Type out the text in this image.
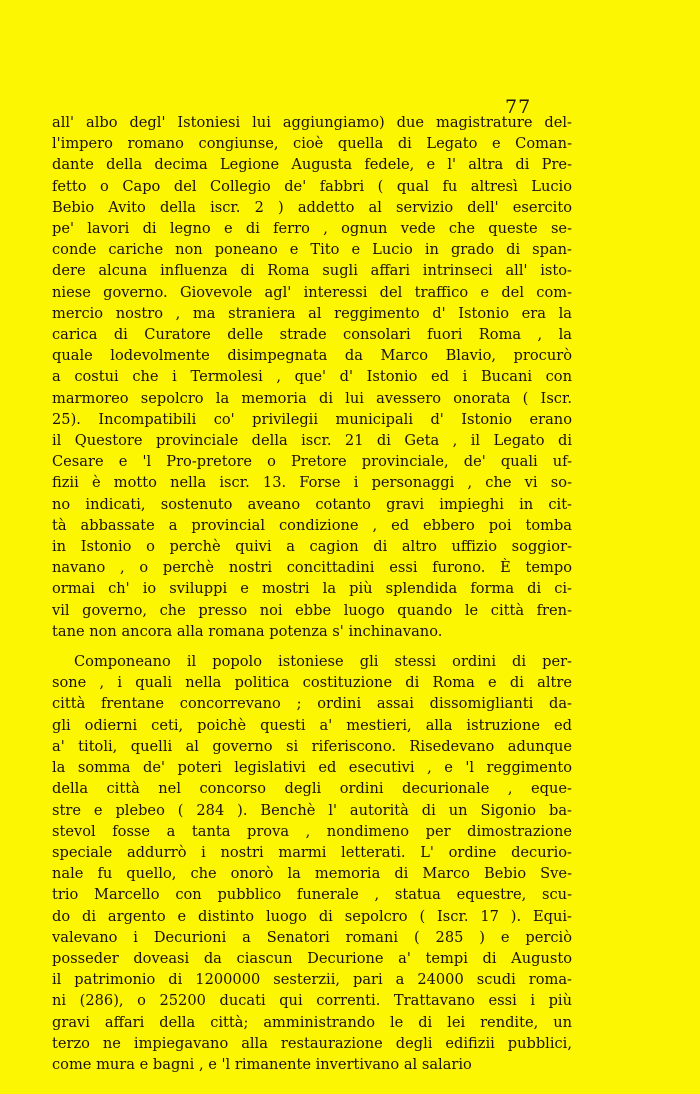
77
all' albo degl' Istoniesi lui aggiungiamo) due magistrature del-
l'impero romano congiunse, cioè quella di Legato e Coman-
dante della decima Legione Augusta fedele, e l' altra di Pre-
fetto o Capo del Collegio de' fabbri ( qual fu altresì Lucio
Bebio Avito della iscr. 2 ) addetto al servizio dell' esercito
pe' lavori di legno e di ferro , ognun vede che queste se-
conde cariche non poneano e Tito e Lucio in grado di span-
dere alcuna influenza di Roma sugli affari intrinseci all' isto-
niese governo. Giovevole agl' interessi del traffico e del com-
mercio nostro , ma straniera al reggimento d' Istonio era la
carica di Curatore delle strade consolari fuori Roma , la
quale lodevolmente disimpegnata da Marco Blavio, procurò
a costui che i Termolesi , que' d' Istonio ed i Bucani con
marmoreo sepolcro la memoria di lui avessero onorata ( Iscr.
25). Incompatibili co' privilegii municipali d' Istonio erano
il Questore provinciale della iscr. 21 di Geta , il Legato di
Cesare e 'l Pro-pretore o Pretore provinciale, de' quali uf-
fizii è motto nella iscr. 13. Forse i personaggi , che vi so-
no indicati, sostenuto aveano cotanto gravi impieghi in cit-
tà abbassate a provincial condizione , ed ebbero poi tomba
in Istonio o perchè quivi a cagion di altro uffizio soggior-
navano , o perchè nostri concittadini essi furono. È tempo
ormai ch' io sviluppi e mostri la più splendida forma di ci-
vil governo, che presso noi ebbe luogo quando le città fren-
tane non ancora alla romana potenza s' inchinavano.
Componeano il popolo istoniese gli stessi ordini di per-
sone , i quali nella politica costituzione di Roma e di altre
città frentane concorrevano ; ordini assai dissomiglianti da-
gli odierni ceti, poichè questi a' mestieri, alla istruzione ed
a' titoli, quelli al governo si riferiscono. Risedevano adunque
la somma de' poteri legislativi ed esecutivi , e 'l reggimento
della città nel concorso degli ordini decurionale , eque-
stre e plebeo ( 284 ). Benchè l' autorità di un Sigonio ba-
stevol fosse a tanta prova , nondimeno per dimostrazione
speciale addurrò i nostri marmi letterati. L' ordine decurio-
nale fu quello, che onorò la memoria di Marco Bebio Sve-
trio Marcello con pubblico funerale , statua equestre, scu-
do di argento e distinto luogo di sepolcro ( Iscr. 17 ). Equi-
valevano i Decurioni a Senatori romani ( 285 ) e perciò
posseder doveasi da ciascun Decurione a' tempi di Augusto
il patrimonio di 1200000 sesterzii, pari a 24000 scudi roma-
ni (286), o 25200 ducati qui correnti. Trattavano essi i più
gravi affari della città; amministrando le di lei rendite, un
terzo ne impiegavano alla restaurazione degli edifizii pubblici,
come mura e bagni , e 'l rimanente invertivano al salario
